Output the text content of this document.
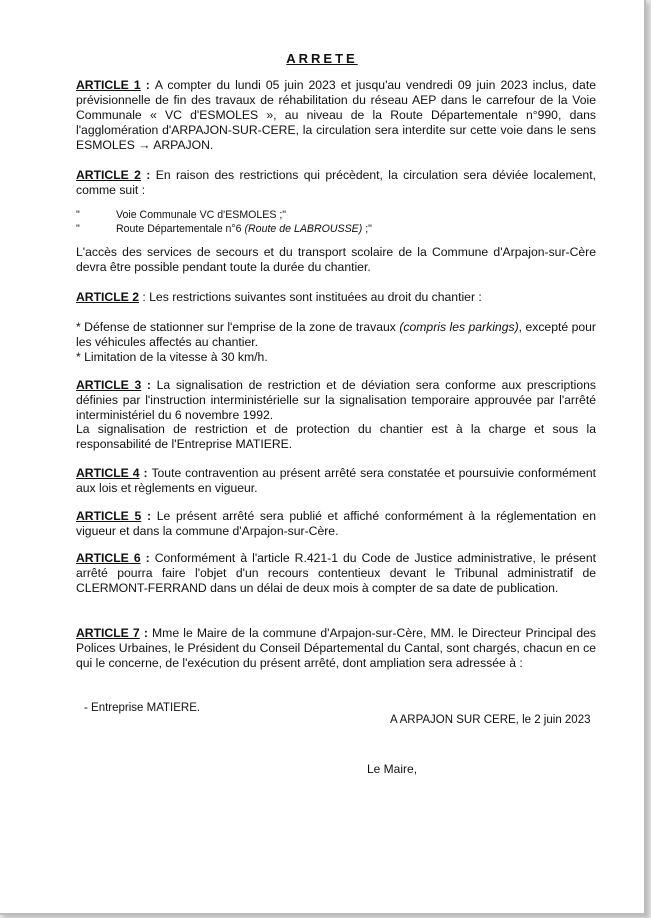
ARRETE
ARTICLE 1 : A compter du lundi 05 juin 2023 et jusqu'au vendredi 09 juin 2023 inclus, date prévisionnelle de fin des travaux de réhabilitation du réseau AEP dans le carrefour de la Voie Communale « VC d'ESMOLES », au niveau de la Route Départementale n°990, dans l'agglomération d'ARPAJON-SUR-CERE, la circulation sera interdite sur cette voie dans le sens ESMOLES → ARPAJON.
ARTICLE 2 : En raison des restrictions qui précèdent, la circulation sera déviée localement, comme suit :
"	Voie Communale VC d'ESMOLES ;"
"	Route Départementale n°6 (Route de LABROUSSE) ;"
L'accès des services de secours et du transport scolaire de la Commune d'Arpajon-sur-Cère devra être possible pendant toute la durée du chantier.
ARTICLE 2 : Les restrictions suivantes sont instituées au droit du chantier :
* Défense de stationner sur l'emprise de la zone de travaux (compris les parkings), excepté pour les véhicules affectés au chantier.
* Limitation de la vitesse à 30 km/h.
ARTICLE 3 : La signalisation de restriction et de déviation sera conforme aux prescriptions définies par l'instruction interministérielle sur la signalisation temporaire approuvée par l'arrêté interministériel du 6 novembre 1992.
La signalisation de restriction et de protection du chantier est à la charge et sous la responsabilité de l'Entreprise MATIERE.
ARTICLE 4 : Toute contravention au présent arrêté sera constatée et poursuivie conformément aux lois et règlements en vigueur.
ARTICLE 5 : Le présent arrêté sera publié et affiché conformément à la réglementation en vigueur et dans la commune d'Arpajon-sur-Cère.
ARTICLE 6 : Conformément à l'article R.421-1 du Code de Justice administrative, le présent arrêté pourra faire l'objet d'un recours contentieux devant le Tribunal administratif de CLERMONT-FERRAND dans un délai de deux mois à compter de sa date de publication.
ARTICLE 7 : Mme le Maire de la commune d'Arpajon-sur-Cère, MM. le Directeur Principal des Polices Urbaines, le Président du Conseil Départemental du Cantal, sont chargés, chacun en ce qui le concerne, de l'exécution du présent arrêté, dont ampliation sera adressée à :
- Entreprise MATIERE.
A ARPAJON SUR CERE, le 2 juin 2023
Le Maire,
